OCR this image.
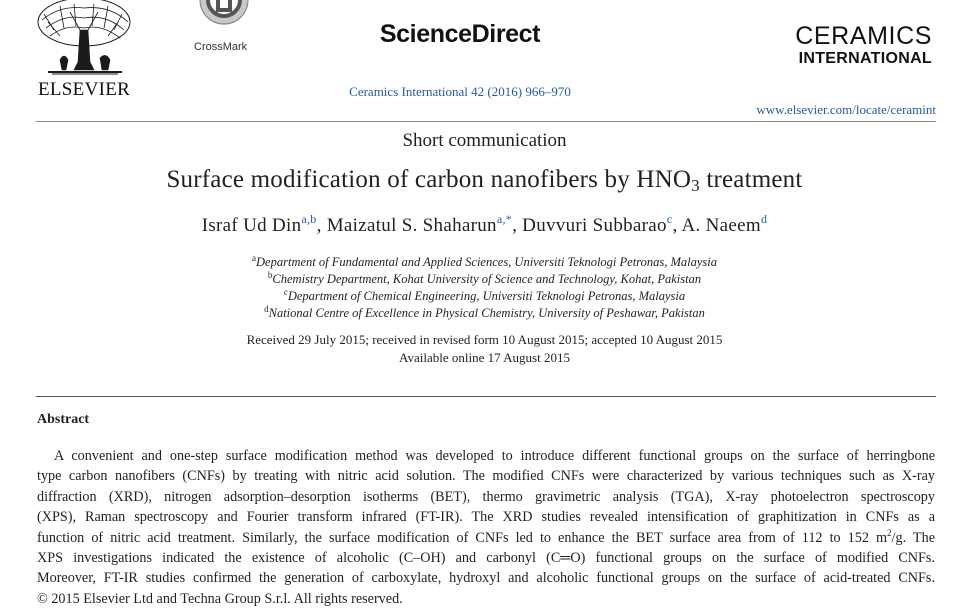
ELSEVIER
CrossMark	ScienceDirect
Ceramics International 42 (2016) 966–970
CERAMICS
INTERNATIONAL
www.elsevier.com/locate/ceramint
Short communication
Surface modification of carbon nanofibers by $HNO_3$ treatment
Israf Ud Din$^{a,b}$, Maizatul S. Shaharun$^{a,*}$, Duvvuri Subbarao$^c$, A. Naeem$^d$
$^a$Department of Fundamental and Applied Sciences, Universiti Teknologi Petronas, Malaysia
$^b$Chemistry Department, Kohat University of Science and Technology, Kohat, Pakistan
$^c$Department of Chemical Engineering, Universiti Teknologi Petronas, Malaysia
$^d$National Centre of Excellence in Physical Chemistry, University of Peshawar, Pakistan
Received 29 July 2015; received in revised form 10 August 2015; accepted 10 August 2015
Available online 17 August 2015
Abstract
A convenient and one-step surface modification method was developed to introduce different functional groups on the surface of herringbone
type carbon nanofibers (CNFs) by treating with nitric acid solution. The modified CNFs were characterized by various techniques such as X-ray
diffraction (XRD), nitrogen adsorption–desorption isotherms (BET), thermo gravimetric analysis (TGA), X-ray photoelectron spectroscopy
(XPS), Raman spectroscopy and Fourier transform infrared (FT-IR). The XRD studies revealed intensification of graphitization in CNFs as a
function of nitric acid treatment. Similarly, the surface modification of CNFs led to enhance the BET surface area from of 112 to 152 $m^2/g$. The
XPS investigations indicated the existence of alcoholic (C–OH) and carbonyl (C═O) functional groups on the surface of modified CNFs.
Moreover, FT-IR studies confirmed the generation of carboxylate, hydroxyl and alcoholic functional groups on the surface of acid-treated CNFs.
© 2015 Elsevier Ltd and Techna Group S.r.l. All rights reserved.
